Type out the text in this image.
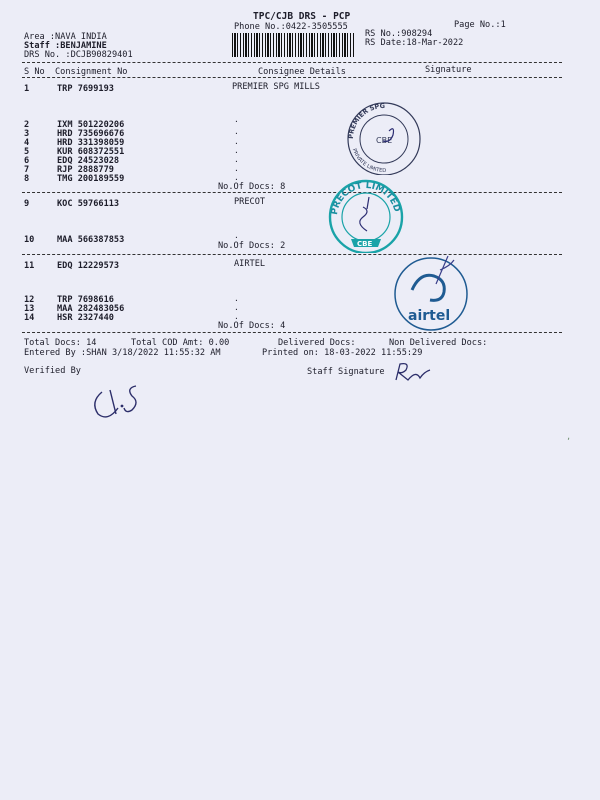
TPC/CJB DRS - PCP
Phone No.:0422-3505555	Page No.:1
Area :NAVA INDIA
Staff :BENJAMINE
DRS No. :DCJB90829401
RS No.:908294
RS Date:18-Mar-2022
S No Consignment No	Consignee Details	Signature
1	TRP 7699193	PREMIER SPG MILLS
2	IXM 501220206
3	HRD 735696676
4	HRD 331398059
5	KUR 608372551
6	EDQ 24523028
7	RJP 2888779
8	TMG 200189559
·
·
·
·
·
·
·
No.Of Docs: 8
9	KOC 59766113	PRECOT
10	MAA 566387853	·
No.Of Docs: 2
11	EDQ 12229573	AIRTEL
12	TRP 7698616
13	MAA 282483056
14	HSR 2327440
·
·
·
No.Of Docs: 4
Total Docs: 14	Total COD Amt: 0.00	Delivered Docs:	Non Delivered Docs:
Entered By :SHAN 3/18/2022 11:55:32 AM	Printed on: 18-03-2022 11:55:29
Verified By	Staff Signature
PREMIER SPG
PRIVATE LIMITED
CBE
PRECOT LIMITED
CBE
airtel
ʼ
